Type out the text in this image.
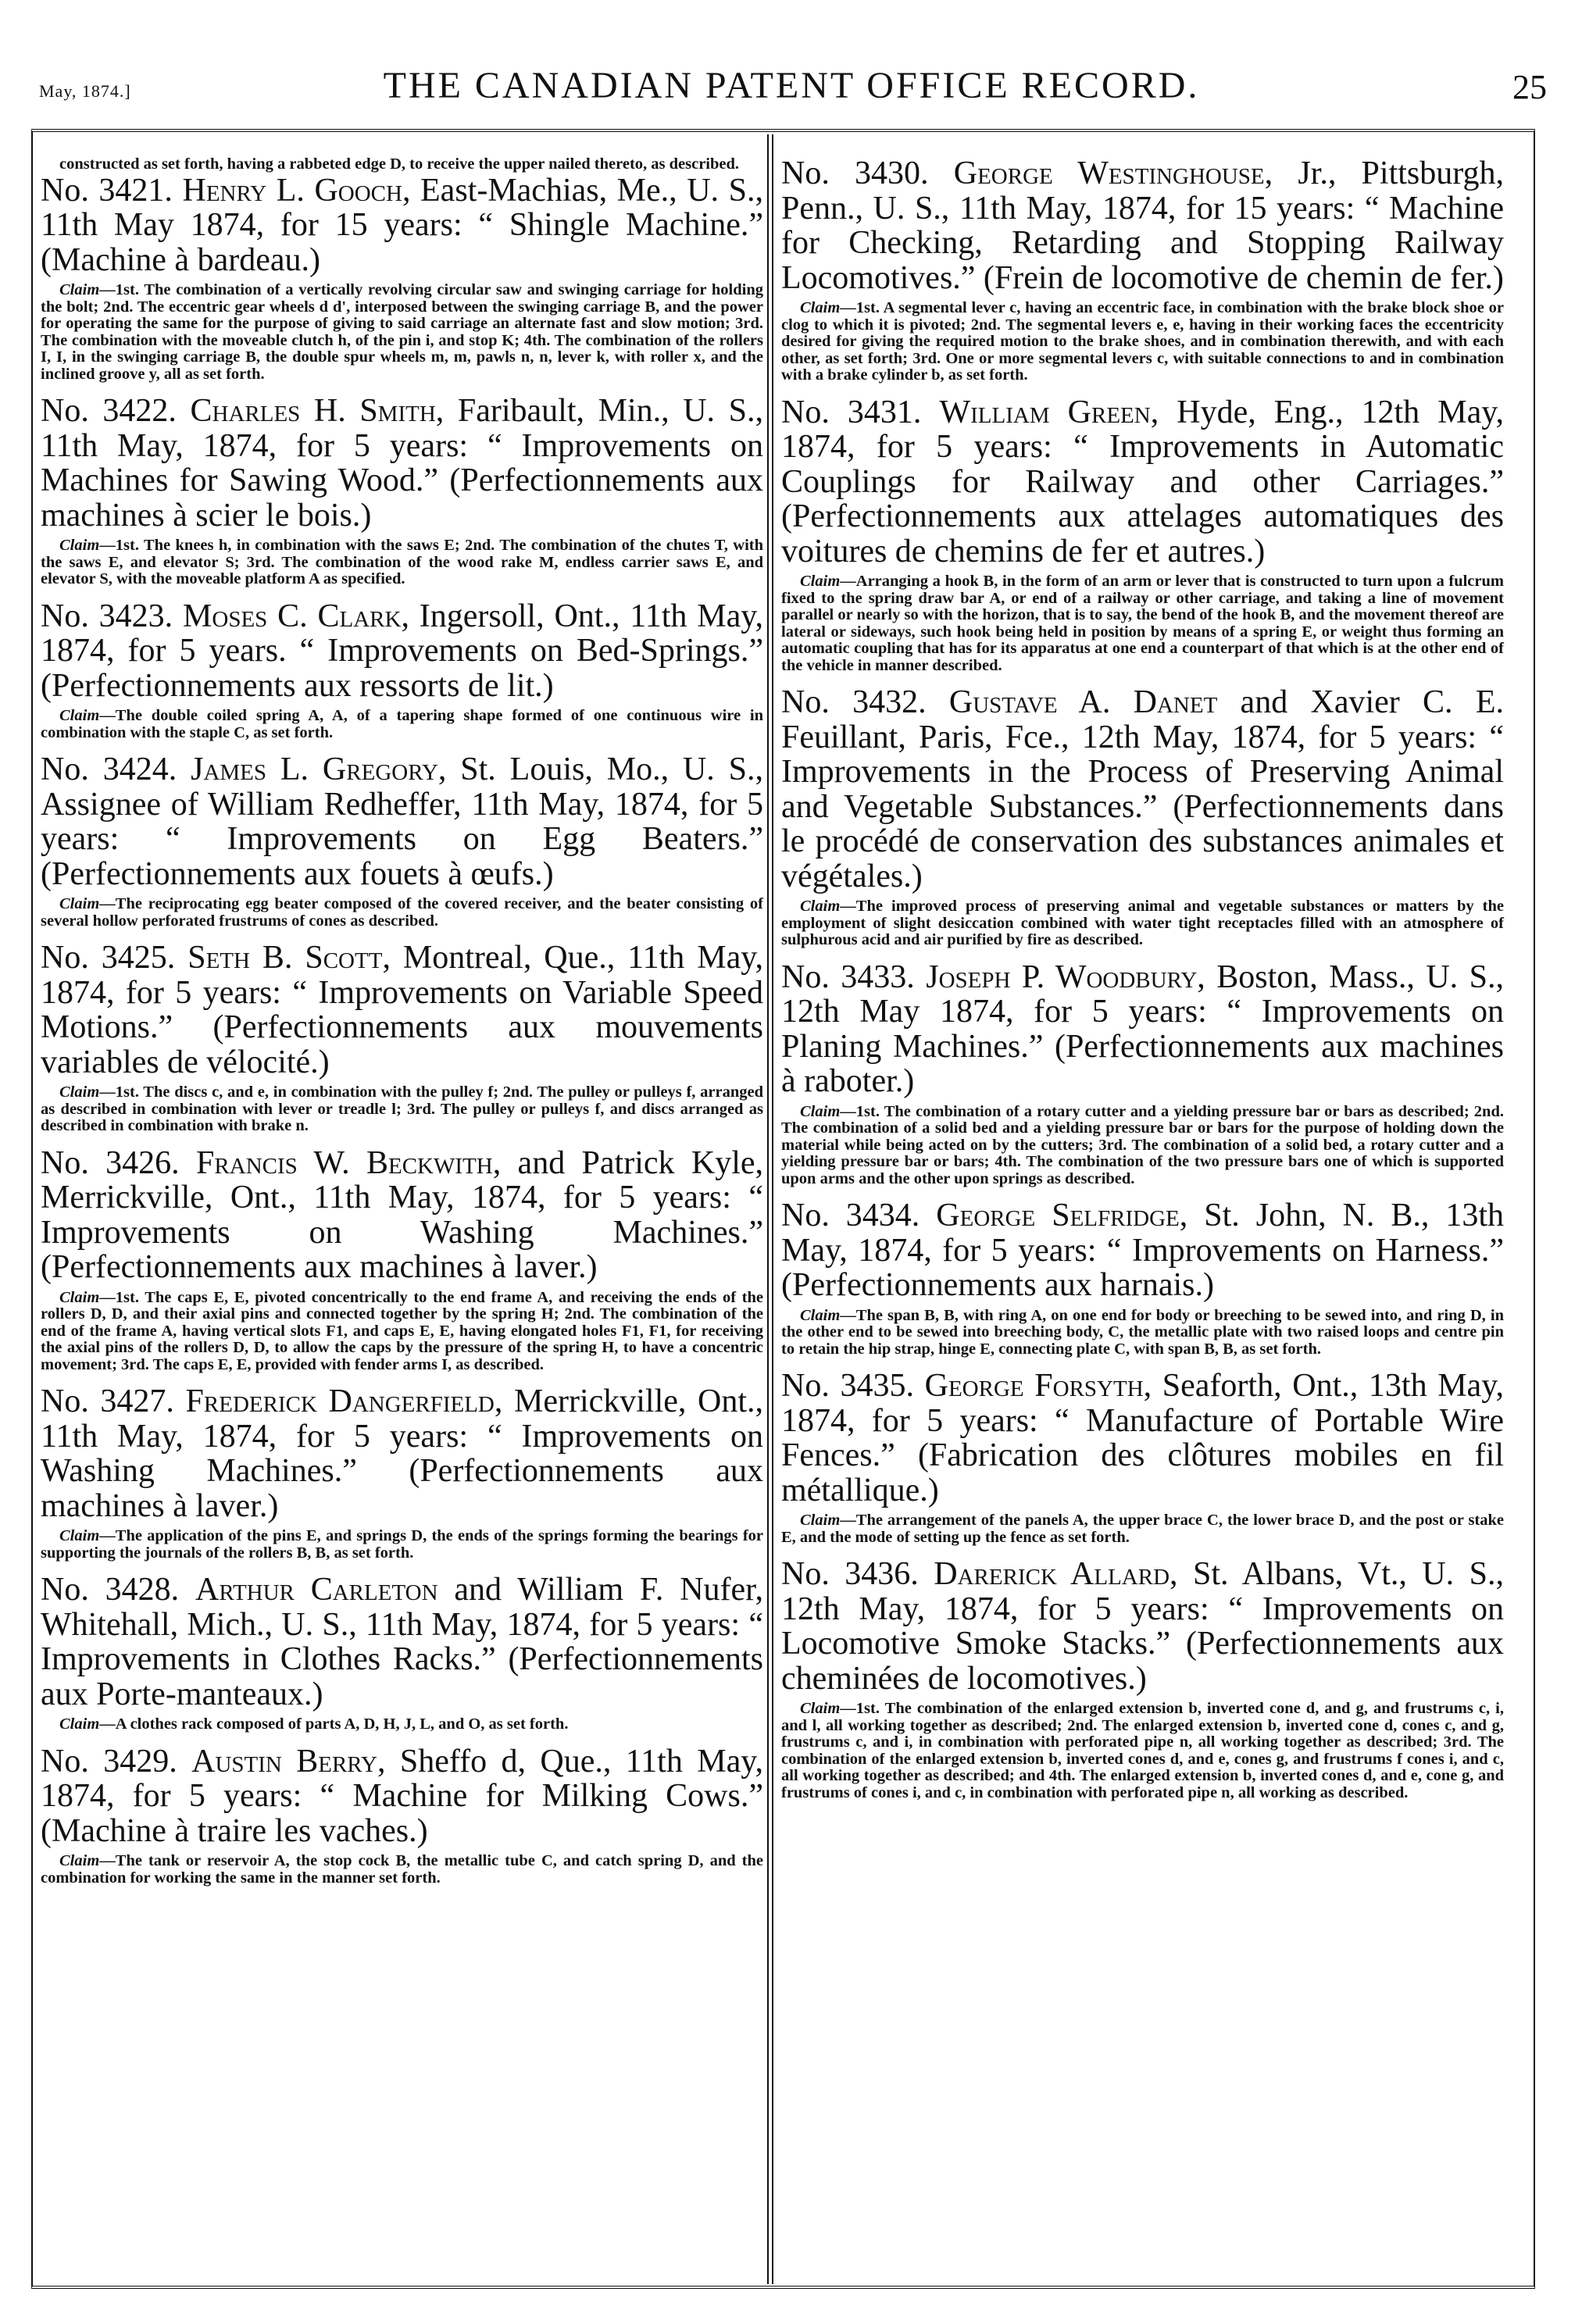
May, 1874.]	THE CANADIAN PATENT OFFICE RECORD.	25

constructed as set forth, having a rabbeted edge D, to receive the upper nailed thereto, as described.

No. 3421. Henry L. Gooch, East-Machias, Me., U. S., 11th May 1874, for 15 years: “ Shingle Machine.” (Machine à bardeau.)

Claim—1st. The combination of a vertically revolving circular saw and swinging carriage for holding the bolt; 2nd. The eccentric gear wheels d d', interposed between the swinging carriage B, and the power for operating the same for the purpose of giving to said carriage an alternate fast and slow motion; 3rd. The combination with the moveable clutch h, of the pin i, and stop K; 4th. The combination of the rollers I, I, in the swinging carriage B, the double spur wheels m, m, pawls n, n, lever k, with roller x, and the inclined groove y, all as set forth.

No. 3422. Charles H. Smith, Faribault, Min., U. S., 11th May, 1874, for 5 years: “ Improvements on Machines for Sawing Wood.” (Perfectionnements aux machines à scier le bois.)

Claim—1st. The knees h, in combination with the saws E; 2nd. The combination of the chutes T, with the saws E, and elevator S; 3rd. The combination of the wood rake M, endless carrier saws E, and elevator S, with the moveable platform A as specified.

No. 3423. Moses C. Clark, Ingersoll, Ont., 11th May, 1874, for 5 years. “ Improvements on Bed-Springs.” (Perfectionnements aux ressorts de lit.)

Claim—The double coiled spring A, A, of a tapering shape formed of one continuous wire in combination with the staple C, as set forth.

No. 3424. James L. Gregory, St. Louis, Mo., U. S., Assignee of William Redheffer, 11th May, 1874, for 5 years: “ Improvements on Egg Beaters.” (Perfectionnements aux fouets à œufs.)

Claim—The reciprocating egg beater composed of the covered receiver, and the beater consisting of several hollow perforated frustrums of cones as described.

No. 3425. Seth B. Scott, Montreal, Que., 11th May, 1874, for 5 years: “ Improvements on Variable Speed Motions.” (Perfectionnements aux mouvements variables de vélocité.)

Claim—1st. The discs c, and e, in combination with the pulley f; 2nd. The pulley or pulleys f, arranged as described in combination with lever or treadle l; 3rd. The pulley or pulleys f, and discs arranged as described in combination with brake n.

No. 3426. Francis W. Beckwith, and Patrick Kyle, Merrickville, Ont., 11th May, 1874, for 5 years: “ Improvements on Washing Machines.” (Perfectionnements aux machines à laver.)

Claim—1st. The caps E, E, pivoted concentrically to the end frame A, and receiving the ends of the rollers D, D, and their axial pins and connected together by the spring H; 2nd. The combination of the end of the frame A, having vertical slots F1, and caps E, E, having elongated holes F1, F1, for receiving the axial pins of the rollers D, D, to allow the caps by the pressure of the spring H, to have a concentric movement; 3rd. The caps E, E, provided with fender arms I, as described.

No. 3427. Frederick Dangerfield, Merrickville, Ont., 11th May, 1874, for 5 years: “ Improvements on Washing Machines.” (Perfectionnements aux machines à laver.)

Claim—The application of the pins E, and springs D, the ends of the springs forming the bearings for supporting the journals of the rollers B, B, as set forth.

No. 3428. Arthur Carleton and William F. Nufer, Whitehall, Mich., U. S., 11th May, 1874, for 5 years: “ Improvements in Clothes Racks.” (Perfectionnements aux Porte-manteaux.)

Claim—A clothes rack composed of parts A, D, H, J, L, and O, as set forth.

No. 3429. Austin Berry, Sheffo d, Que., 11th May, 1874, for 5 years: “ Machine for Milking Cows.” (Machine à traire les vaches.)

Claim—The tank or reservoir A, the stop cock B, the metallic tube C, and catch spring D, and the combination for working the same in the manner set forth.

No. 3430. George Westinghouse, Jr., Pittsburgh, Penn., U. S., 11th May, 1874, for 15 years: “ Machine for Checking, Retarding and Stopping Railway Locomotives.” (Frein de locomotive de chemin de fer.)

Claim—1st. A segmental lever c, having an eccentric face, in combination with the brake block shoe or clog to which it is pivoted; 2nd. The segmental levers e, e, having in their working faces the eccentricity desired for giving the required motion to the brake shoes, and in combination therewith, and with each other, as set forth; 3rd. One or more segmental levers c, with suitable connections to and in combination with a brake cylinder b, as set forth.

No. 3431. William Green, Hyde, Eng., 12th May, 1874, for 5 years: “ Improvements in Automatic Couplings for Railway and other Carriages.” (Perfectionnements aux attelages automatiques des voitures de chemins de fer et autres.)

Claim—Arranging a hook B, in the form of an arm or lever that is constructed to turn upon a fulcrum fixed to the spring draw bar A, or end of a railway or other carriage, and taking a line of movement parallel or nearly so with the horizon, that is to say, the bend of the hook B, and the movement thereof are lateral or sideways, such hook being held in position by means of a spring E, or weight thus forming an automatic coupling that has for its apparatus at one end a counterpart of that which is at the other end of the vehicle in manner described.

No. 3432. Gustave A. Danet and Xavier C. E. Feuillant, Paris, Fce., 12th May, 1874, for 5 years: “ Improvements in the Process of Preserving Animal and Vegetable Substances.” (Perfectionnements dans le procédé de conservation des substances animales et végétales.)

Claim—The improved process of preserving animal and vegetable substances or matters by the employment of slight desiccation combined with water tight receptacles filled with an atmosphere of sulphurous acid and air purified by fire as described.

No. 3433. Joseph P. Woodbury, Boston, Mass., U. S., 12th May 1874, for 5 years: “ Improvements on Planing Machines.” (Perfectionnements aux machines à raboter.)

Claim—1st. The combination of a rotary cutter and a yielding pressure bar or bars as described; 2nd. The combination of a solid bed and a yielding pressure bar or bars for the purpose of holding down the material while being acted on by the cutters; 3rd. The combination of a solid bed, a rotary cutter and a yielding pressure bar or bars; 4th. The combination of the two pressure bars one of which is supported upon arms and the other upon springs as described.

No. 3434. George Selfridge, St. John, N. B., 13th May, 1874, for 5 years: “ Improvements on Harness.” (Perfectionnements aux harnais.)

Claim—The span B, B, with ring A, on one end for body or breeching to be sewed into, and ring D, in the other end to be sewed into breeching body, C, the metallic plate with two raised loops and centre pin to retain the hip strap, hinge E, connecting plate C, with span B, B, as set forth.

No. 3435. George Forsyth, Seaforth, Ont., 13th May, 1874, for 5 years: “ Manufacture of Portable Wire Fences.” (Fabrication des clôtures mobiles en fil métallique.)

Claim—The arrangement of the panels A, the upper brace C, the lower brace D, and the post or stake E, and the mode of setting up the fence as set forth.

No. 3436. Darerick Allard, St. Albans, Vt., U. S., 12th May, 1874, for 5 years: “ Improvements on Locomotive Smoke Stacks.” (Perfectionnements aux cheminées de locomotives.)

Claim—1st. The combination of the enlarged extension b, inverted cone d, and g, and frustrums c, i, and l, all working together as described; 2nd. The enlarged extension b, inverted cone d, cones c, and g, frustrums c, and i, in combination with perforated pipe n, all working together as described; 3rd. The combination of the enlarged extension b, inverted cones d, and e, cones g, and frustrums f cones i, and c, all working together as described; and 4th. The enlarged extension b, inverted cones d, and e, cone g, and frustrums of cones i, and c, in combination with perforated pipe n, all working as described.
